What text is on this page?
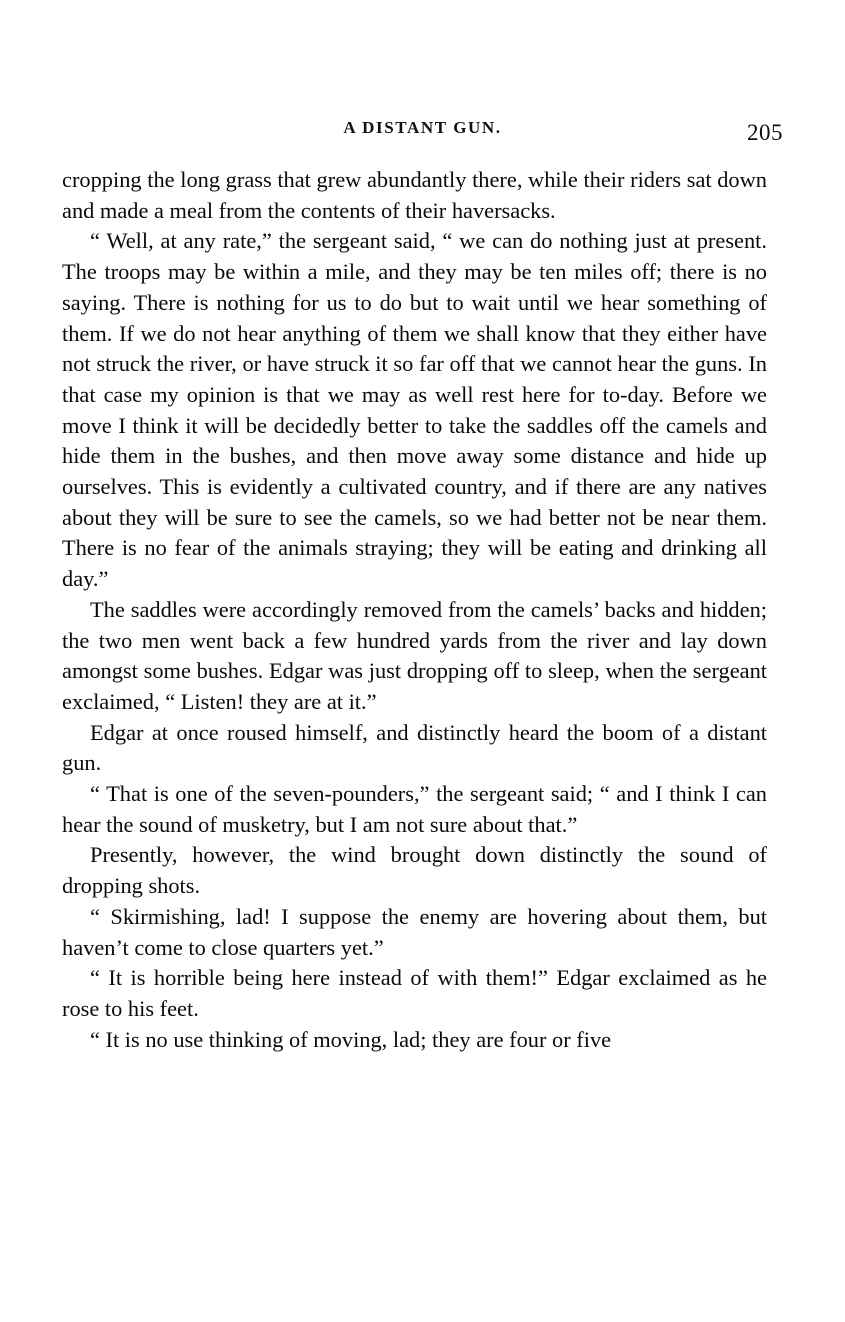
A DISTANT GUN.	205

cropping the long grass that grew abundantly there, while their riders sat down and made a meal from the contents of their haversacks.

“ Well, at any rate,” the sergeant said, “ we can do nothing just at present. The troops may be within a mile, and they may be ten miles off; there is no saying. There is nothing for us to do but to wait until we hear something of them. If we do not hear anything of them we shall know that they either have not struck the river, or have struck it so far off that we cannot hear the guns. In that case my opinion is that we may as well rest here for to-day. Before we move I think it will be decidedly better to take the saddles off the camels and hide them in the bushes, and then move away some distance and hide up ourselves. This is evidently a cultivated country, and if there are any natives about they will be sure to see the camels, so we had better not be near them. There is no fear of the animals straying; they will be eating and drinking all day.”

The saddles were accordingly removed from the camels’ backs and hidden; the two men went back a few hundred yards from the river and lay down amongst some bushes. Edgar was just dropping off to sleep, when the sergeant exclaimed, “ Listen! they are at it.”

Edgar at once roused himself, and distinctly heard the boom of a distant gun.

“ That is one of the seven-pounders,” the sergeant said; “ and I think I can hear the sound of musketry, but I am not sure about that.”

Presently, however, the wind brought down distinctly the sound of dropping shots.

“ Skirmishing, lad! I suppose the enemy are hovering about them, but haven’t come to close quarters yet.”

“ It is horrible being here instead of with them!” Edgar exclaimed as he rose to his feet.

“ It is no use thinking of moving, lad; they are four or five
